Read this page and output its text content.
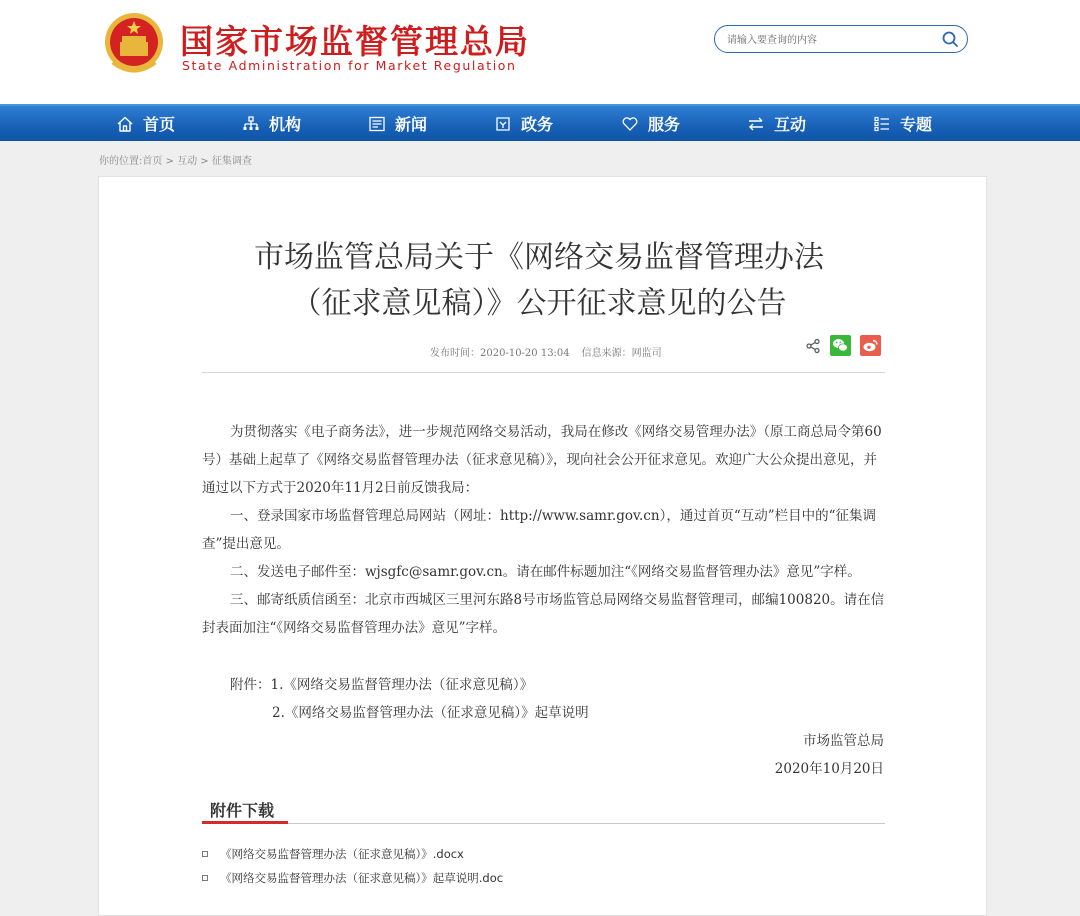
国家市场监督管理总局
State Administration for Market Regulation
请输入要查询的内容
首页	机构	新闻	政务	服务	互动	专题
你的位置:首页 > 互动 > 征集调查
市场监管总局关于《网络交易监督管理办法
（征求意见稿）》公开征求意见的公告
发布时间：2020-10-20 13:04 信息来源：网监司

为贯彻落实《电子商务法》，进一步规范网络交易活动，我局在修改《网络交易管理办法》（原工商总局令第60号）基础上起草了《网络交易监督管理办法（征求意见稿）》，现向社会公开征求意见。欢迎广大公众提出意见，并通过以下方式于2020年11月2日前反馈我局：

一、登录国家市场监督管理总局网站（网址：http://www.samr.gov.cn），通过首页“互动”栏目中的“征集调查”提出意见。

二、发送电子邮件至：wjsgfc@samr.gov.cn。请在邮件标题加注“《网络交易监督管理办法》意见”字样。

三、邮寄纸质信函至：北京市西城区三里河东路8号市场监管总局网络交易监督管理司，邮编100820。请在信封表面加注“《网络交易监督管理办法》意见”字样。

附件：1.《网络交易监督管理办法（征求意见稿）》
2.《网络交易监督管理办法（征求意见稿）》起草说明
市场监管总局
2020年10月20日
附件下载
《网络交易监督管理办法（征求意见稿）》.docx
《网络交易监督管理办法（征求意见稿）》起草说明.doc
